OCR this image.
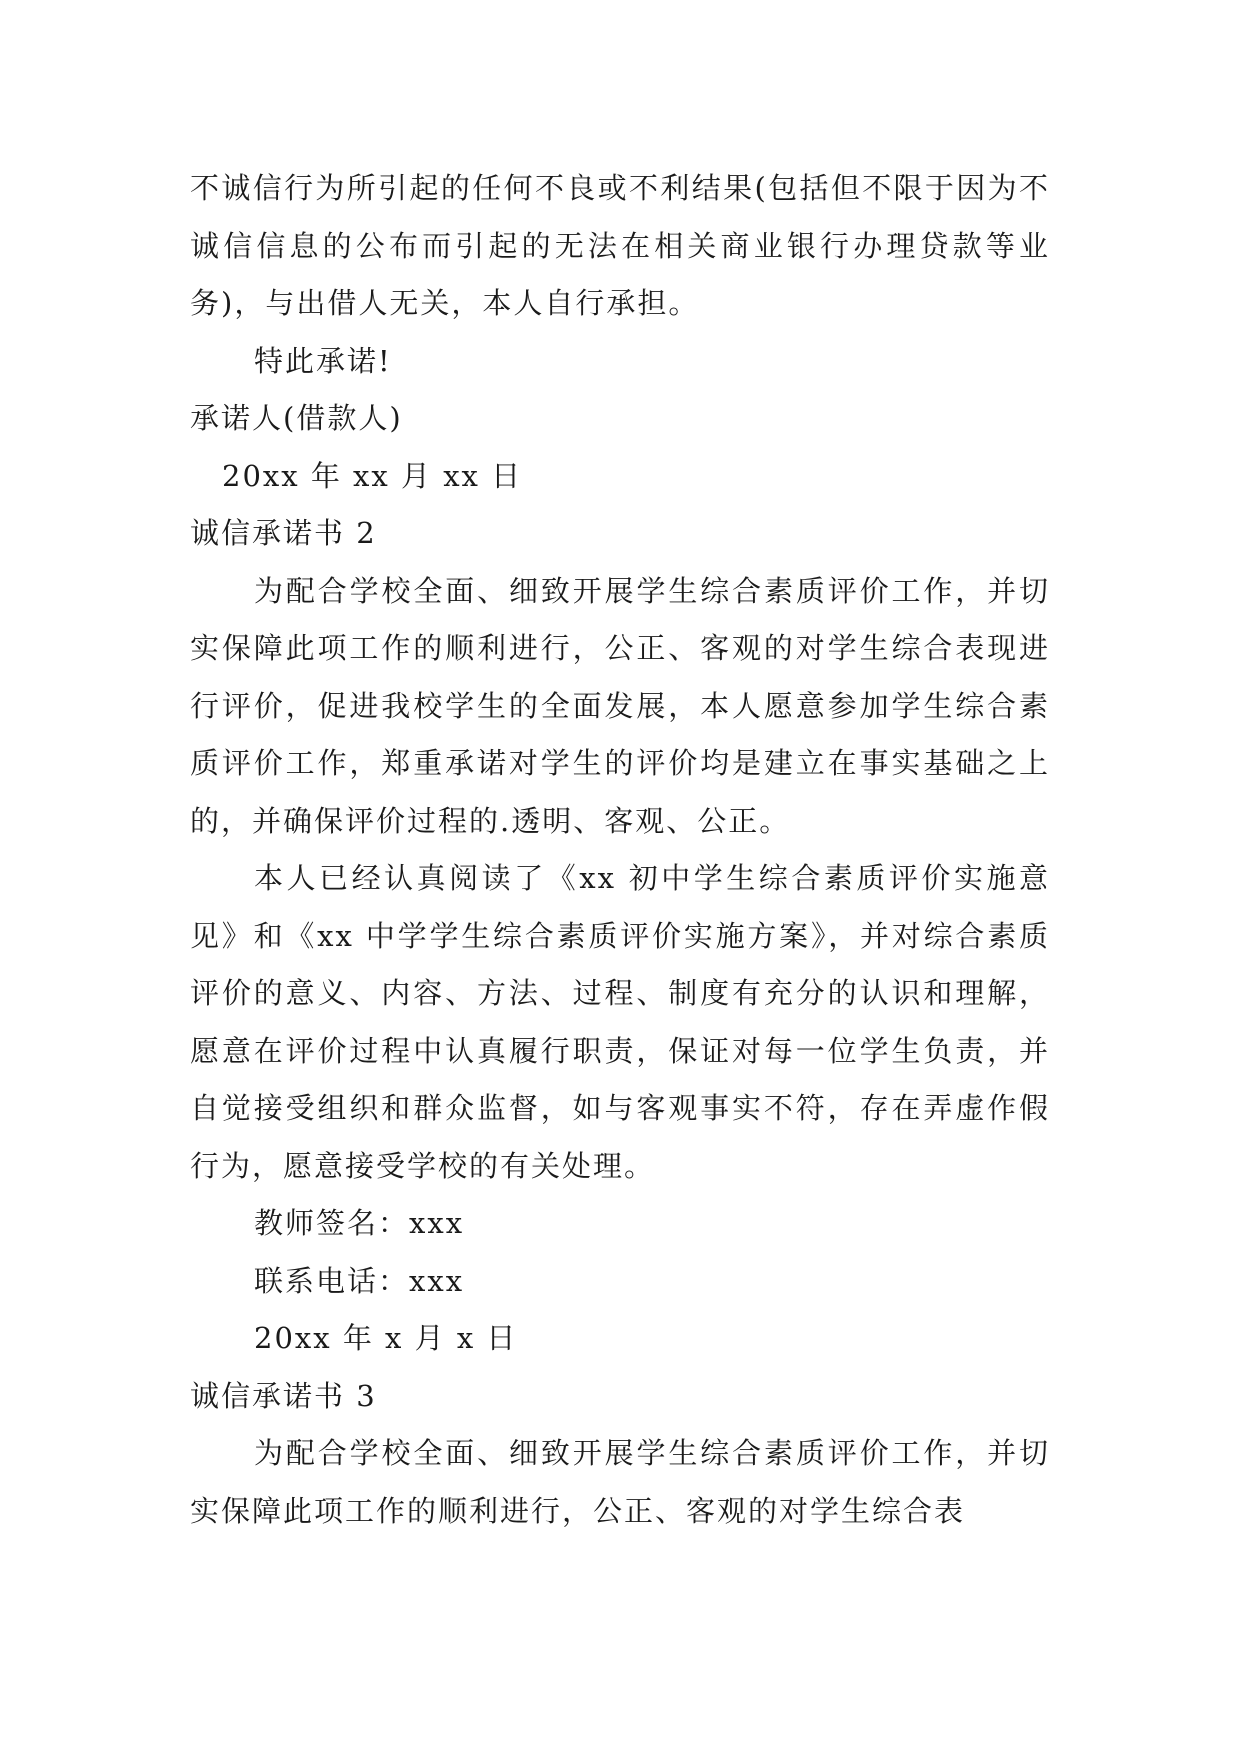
不诚信行为所引起的任何不良或不利结果(包括但不限于因为不诚信信息的公布而引起的无法在相关商业银行办理贷款等业务)，与出借人无关，本人自行承担。

特此承诺!

承诺人(借款人)

20xx 年 xx 月 xx 日

诚信承诺书 2

为配合学校全面、细致开展学生综合素质评价工作，并切实保障此项工作的顺利进行，公正、客观的对学生综合表现进行评价，促进我校学生的全面发展，本人愿意参加学生综合素质评价工作，郑重承诺对学生的评价均是建立在事实基础之上的，并确保评价过程的.透明、客观、公正。

本人已经认真阅读了《xx 初中学生综合素质评价实施意见》和《xx 中学学生综合素质评价实施方案》，并对综合素质评价的意义、内容、方法、过程、制度有充分的认识和理解，愿意在评价过程中认真履行职责，保证对每一位学生负责，并自觉接受组织和群众监督，如与客观事实不符，存在弄虚作假行为，愿意接受学校的有关处理。

教师签名：xxx

联系电话：xxx

20xx 年 x 月 x 日

诚信承诺书 3

为配合学校全面、细致开展学生综合素质评价工作，并切实保障此项工作的顺利进行，公正、客观的对学生综合表
